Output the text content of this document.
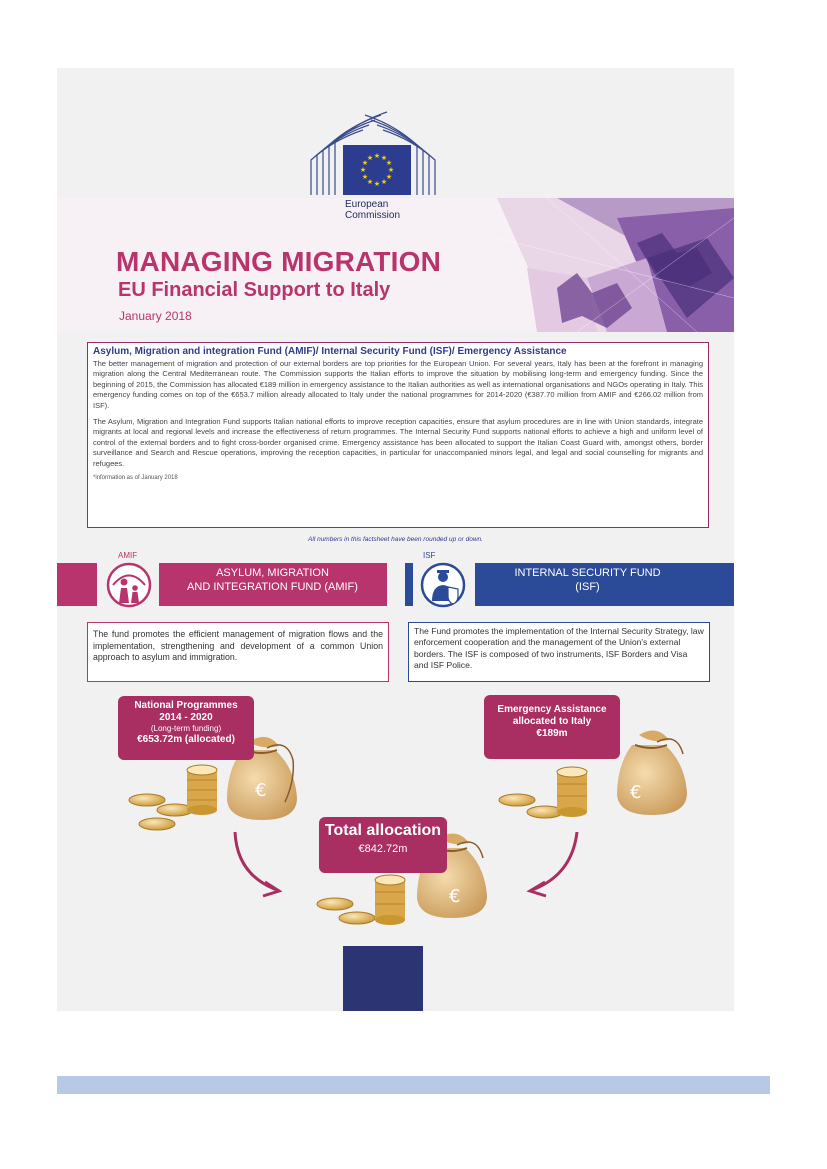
★ ★
★
★
★
★
★
★
★
★
★
★
European
Commission
MANAGING MIGRATION
EU Financial Support to Italy
January 2018
Asylum, Migration and integration Fund (AMIF)/ Internal Security Fund (ISF)/ Emergency Assistance

The better management of migration and protection of our external borders are top priorities for the European Union. For several years, Italy has been at the forefront in managing migration along the Central Mediterranean route. The Commission supports the Italian efforts to improve the situation by mobilising long-term and emergency funding. Since the beginning of 2015, the Commission has allocated €189 million in emergency assistance to the Italian authorities as well as international organisations and NGOs operating in Italy. This emergency funding comes on top of the €653.7 million already allocated to Italy under the national programmes for 2014-2020 (€387.70 million from AMIF and €266.02 million from ISF).

The Asylum, Migration and Integration Fund supports Italian national efforts to improve reception capacities, ensure that asylum procedures are in line with Union standards, integrate migrants at local and regional levels and increase the effectiveness of return programmes. The Internal Security Fund supports national efforts to achieve a high and uniform level of control of the external borders and to fight cross-border organised crime. Emergency assistance has been allocated to support the Italian Coast Guard with, amongst others, border surveillance and Search and Rescue operations, improving the reception capacities, in particular for unaccompanied minors legal, and legal and social counselling for migrants and refugees.

*information as of January 2018
All numbers in this factsheet have been rounded up or down.
AMIF
ASYLUM, MIGRATION
AND INTEGRATION FUND (AMIF)
ISF
INTERNAL SECURITY FUND
(ISF)
The fund promotes the efficient management of migration flows and the implementation, strengthening and development of a common Union approach to asylum and immigration.
The Fund promotes the implementation of the Internal Security Strategy, law enforcement cooperation and the management of the Union's external borders. The ISF is composed of two instruments, ISF Borders and Visa and ISF Police.
€	€
€
National Programmes
2014 - 2020
(Long-term funding)
€653.72m (allocated)
Emergency Assistance
allocated to Italy
€189m
Total allocation
€842.72m
